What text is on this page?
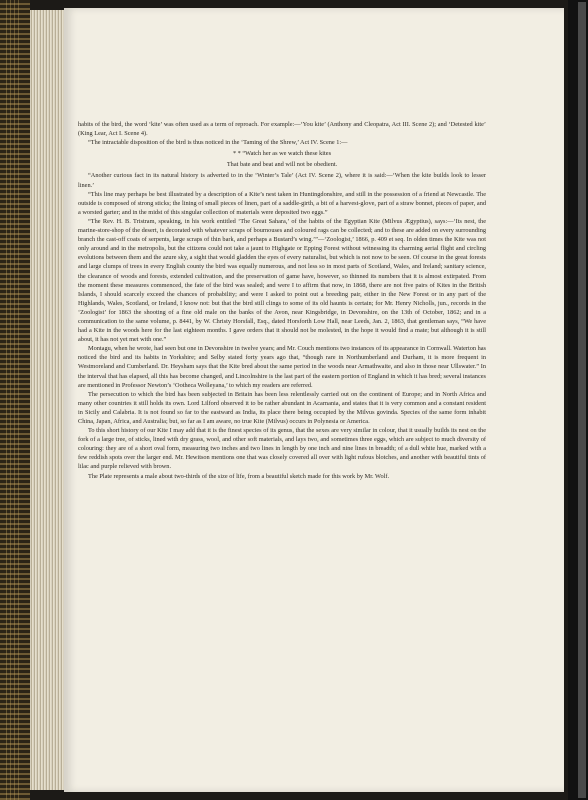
habits of the bird, the word ‘kite’ was often used as a term of reproach. For example:—‘You kite’ (Anthony and Cleopatra, Act III. Scene 2); and ‘Detested kite’ (King Lear, Act I. Scene 4).

“The intractable disposition of the bird is thus noticed in the ‘Taming of the Shrew,’ Act IV. Scene 1:—

* * “Watch her as we watch these kites

That bate and beat and will not be obedient.

“Another curious fact in its natural history is adverted to in the ‘Winter’s Tale’ (Act IV. Scene 2), where it is said:—‘When the kite builds look to lesser linen.’

“This line may perhaps be best illustrated by a description of a Kite’s nest taken in Huntingdonshire, and still in the possession of a friend at Newcastle. The outside is composed of strong sticks; the lining of small pieces of linen, part of a saddle-girth, a bit of a harvest-glove, part of a straw bonnet, pieces of paper, and a worsted garter; and in the midst of this singular collection of materials were deposited two eggs.”

“The Rev. H. B. Tristram, speaking, in his work entitled ‘The Great Sahara,’ of the habits of the Egyptian Kite (Milvus Ægyptius), says:—‘Its nest, the marine-store-shop of the desert, is decorated with whatever scraps of bournouses and coloured rags can be collected; and to these are added on every surrounding branch the cast-off coats of serpents, large scraps of thin bark, and perhaps a Bustard’s wing.’”—‘Zoologist,’ 1866, p. 409 et seq. In olden times the Kite was not only around and in the metropolis, but the citizens could not take a jaunt to Highgate or Epping Forest without witnessing its charming aerial flight and circling evolutions between them and the azure sky, a sight that would gladden the eyes of every naturalist, but which is not now to be seen. Of course in the great forests and large clumps of trees in every English county the bird was equally numerous, and not less so in most parts of Scotland, Wales, and Ireland; sanitary science, the clearance of woods and forests, extended cultivation, and the preservation of game have, however, so thinned its numbers that it is almost extirpated. From the moment these measures commenced, the fate of the bird was sealed; and were I to affirm that now, in 1868, there are not five pairs of Kites in the British Islands, I should scarcely exceed the chances of probability; and were I asked to point out a breeding pair, either in the New Forest or in any part of the Highlands, Wales, Scotland, or Ireland, I know not: but that the bird still clings to some of its old haunts is certain; for Mr. Henry Nicholls, jun., records in the ‘Zoologist’ for 1863 the shooting of a fine old male on the banks of the Avon, near Kingsbridge, in Devonshire, on the 13th of October, 1862; and in a communication to the same volume, p. 8441, by W. Christy Horsfall, Esq., dated Horsforth Low Hall, near Leeds, Jan. 2, 1863, that gentleman says, “We have had a Kite in the woods here for the last eighteen months. I gave orders that it should not be molested, in the hope it would find a mate; but although it is still about, it has not yet met with one.”

Montagu, when he wrote, had seen but one in Devonshire in twelve years; and Mr. Couch mentions two instances of its appearance in Cornwall. Waterton has noticed the bird and its habits in Yorkshire; and Selby stated forty years ago that, “though rare in Northumberland and Durham, it is more frequent in Westmoreland and Cumberland. Dr. Heysham says that the Kite bred about the same period in the woods near Armathwaite, and also in those near Ullswater.” In the interval that has elapsed, all this has become changed, and Lincolnshire is the last part of the eastern portion of England in which it has bred; several instances are mentioned in Professor Newton’s ‘Ootheca Wolleyana,’ to which my readers are referred.

The persecution to which the bird has been subjected in Britain has been less relentlessly carried out on the continent of Europe; and in North Africa and many other countries it still holds its own. Lord Lilford observed it to be rather abundant in Acarnania, and states that it is very common and a constant resident in Sicily and Calabria. It is not found so far to the eastward as India, its place there being occupied by the Milvus govinda. Species of the same form inhabit China, Japan, Africa, and Australia; but, so far as I am aware, no true Kite (Milvus) occurs in Polynesia or America.

To this short history of our Kite I may add that it is the finest species of its genus, that the sexes are very similar in colour, that it usually builds its nest on the fork of a large tree, of sticks, lined with dry grass, wool, and other soft materials, and lays two, and sometimes three eggs, which are subject to much diversity of colouring: they are of a short oval form, measuring two inches and two lines in length by one inch and nine lines in breadth; of a dull white hue, marked with a few reddish spots over the larger end. Mr. Hewitson mentions one that was closely covered all over with light rufous blotches, and another with beautiful tints of lilac and purple relieved with brown.

The Plate represents a male about two-thirds of the size of life, from a beautiful sketch made for this work by Mr. Wolf.
